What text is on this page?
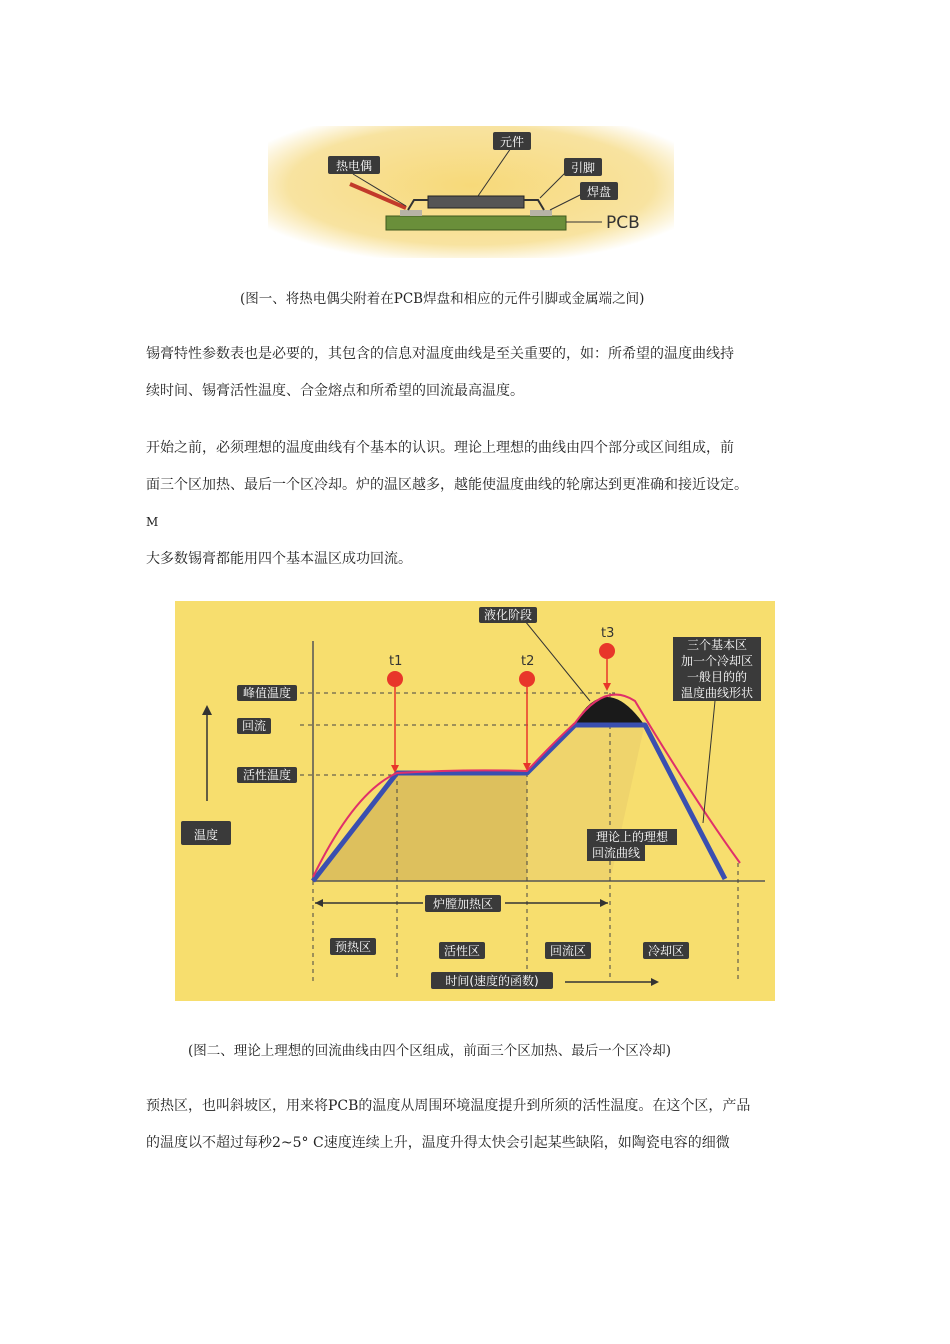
元件
热电偶	引脚
焊盘
PCB
(图一、将热电偶尖附着在PCB焊盘和相应的元件引脚或金属端之间)

锡膏特性参数表也是必要的，其包含的信息对温度曲线是至关重要的，如：所希望的温度曲线持

续时间、锡膏活性温度、合金熔点和所希望的回流最高温度。

开始之前，必须理想的温度曲线有个基本的认识。理论上理想的曲线由四个部分或区间组成，前

面三个区加热、最后一个区冷却。炉的温区越多，越能使温度曲线的轮廓达到更准确和接近设定。

M

大多数锡膏都能用四个基本温区成功回流。

t1	t2
t3
液化阶段
峰值温度
回流
活性温度
温度
三个基本区
加一个冷却区
一般目的的
温度曲线形状
理论上的理想
回流曲线
炉膛加热区
预热区	活性区	回流区	冷却区
时间(速度的函数)
(图二、理论上理想的回流曲线由四个区组成，前面三个区加热、最后一个区冷却)

预热区，也叫斜坡区，用来将PCB的温度从周围环境温度提升到所须的活性温度。在这个区，产品

的温度以不超过每秒2~5° C速度连续上升，温度升得太快会引起某些缺陷，如陶瓷电容的细微
